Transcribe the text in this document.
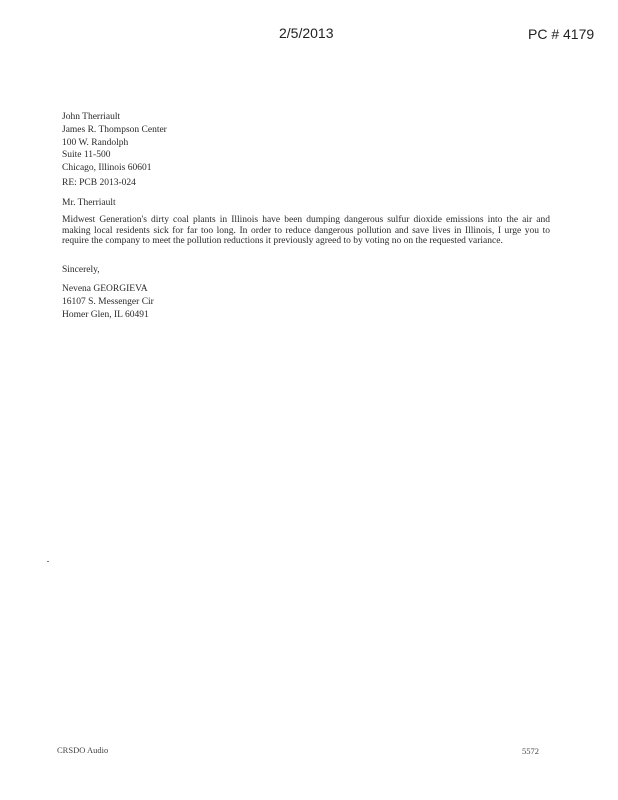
2/5/2013	PC # 4179
John Therriault
James R. Thompson Center
100 W. Randolph
Suite 11-500
Chicago, Illinois 60601
RE: PCB 2013-024
Mr. Therriault
Midwest Generation's dirty coal plants in Illinois have been dumping dangerous sulfur dioxide emissions into the air and making local residents sick for far too long. In order to reduce dangerous pollution and save lives in Illinois, I urge you to require the company to meet the pollution reductions it previously agreed to by voting no on the requested variance.
Sincerely,
Nevena GEORGIEVA
16107 S. Messenger Cir
Homer Glen, IL 60491
CRSDO Audio	5572
